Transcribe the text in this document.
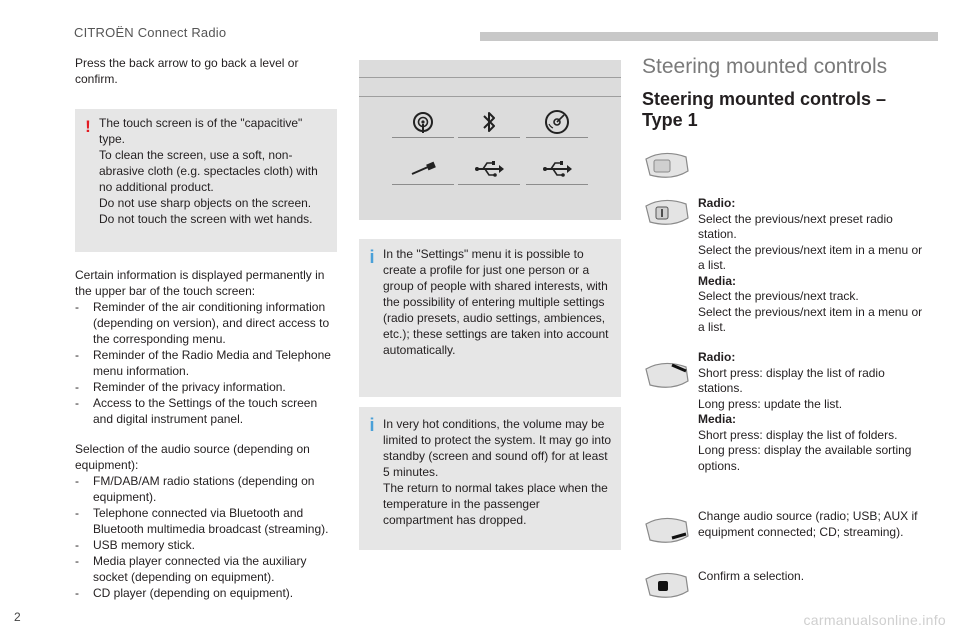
CITROËN Connect Radio

Press the back arrow to go back a level or confirm.

! The touch screen is of the "capacitive" type.
To clean the screen, use a soft, non-abrasive cloth (e.g. spectacles cloth) with no additional product.
Do not use sharp objects on the screen.
Do not touch the screen with wet hands.

Certain information is displayed permanently in the upper bar of the touch screen:

- Reminder of the air conditioning information (depending on version), and direct access to the corresponding menu.
- Reminder of the Radio Media and Telephone menu information.
- Reminder of the privacy information.
- Access to the Settings of the touch screen and digital instrument panel.

Selection of the audio source (depending on equipment):

- FM/DAB/AM radio stations (depending on equipment).
- Telephone connected via Bluetooth and Bluetooth multimedia broadcast (streaming).
- USB memory stick.
- Media player connected via the auxiliary socket (depending on equipment).
- CD player (depending on equipment).
i In the "Settings" menu it is possible to create a profile for just one person or a group of people with shared interests, with the possibility of entering multiple settings (radio presets, audio settings, ambiences, etc.); these settings are taken into account automatically.
i In very hot conditions, the volume may be limited to protect the system. It may go into standby (screen and sound off) for at least 5 minutes.
The return to normal takes place when the temperature in the passenger compartment has dropped.
Steering mounted controls
Steering mounted controls – Type 1
Radio:
Select the previous/next preset radio station.
Select the previous/next item in a menu or a list.
Media:
Select the previous/next track.
Select the previous/next item in a menu or a list.
Radio:
Short press: display the list of radio stations.
Long press: update the list.
Media:
Short press: display the list of folders.
Long press: display the available sorting options.
Change audio source (radio; USB; AUX if equipment connected; CD; streaming).
Confirm a selection.
2	carmanualsonline.info
